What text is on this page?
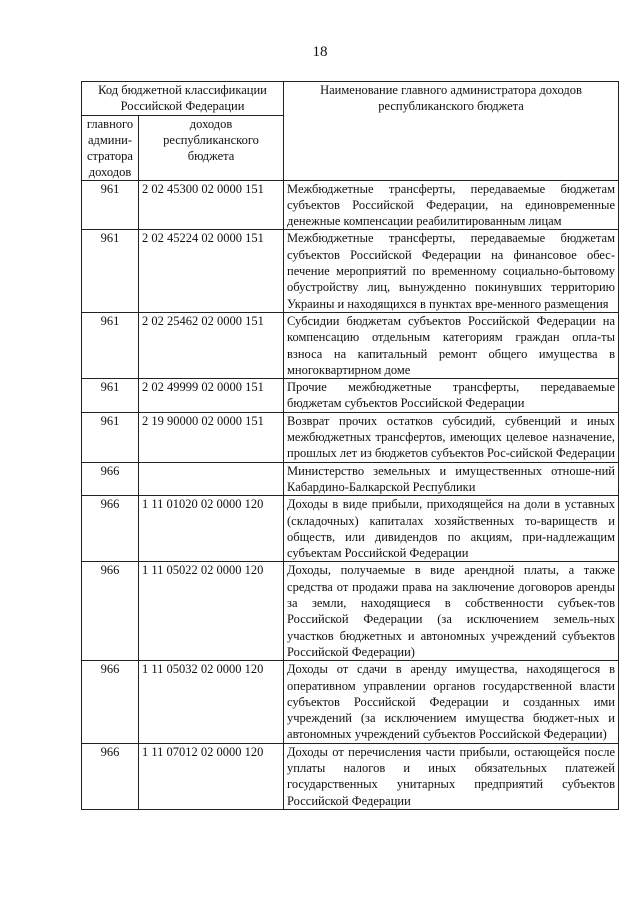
18
Код бюджетной классификации Российской Федерации		Наименование главного администратора доходов республиканского бюджета

главного админи-стратора доходов	доходов республиканского бюджета	
961	2 02 45300 02 0000 151	Межбюджетные трансферты, передаваемые бюджетам субъектов Российской Федерации, на единовременные денежные компенсации реабилитированным лицам
961	2 02 45224 02 0000 151	Межбюджетные трансферты, передаваемые бюджетам субъектов Российской Федерации на финансовое обес-печение мероприятий по временному социально-бытовому обустройству лиц, вынужденно покинувших территорию Украины и находящихся в пунктах вре-менного размещения
961	2 02 25462 02 0000 151	Субсидии бюджетам субъектов Российской Федерации на компенсацию отдельным категориям граждан опла-ты взноса на капитальный ремонт общего имущества в многоквартирном доме
961	2 02 49999 02 0000 151	Прочие межбюджетные трансферты, передаваемые бюджетам субъектов Российской Федерации
961	2 19 90000 02 0000 151	Возврат прочих остатков субсидий, субвенций и иных межбюджетных трансфертов, имеющих целевое назначение, прошлых лет из бюджетов субъектов Рос-сийской Федерации
966		Министерство земельных и имущественных отноше-ний Кабардино-Балкарской Республики
966	1 11 01020 02 0000 120	Доходы в виде прибыли, приходящейся на доли в уставных (складочных) капиталах хозяйственных то-вариществ и обществ, или дивидендов по акциям, при-надлежащим субъектам Российской Федерации
966	1 11 05022 02 0000 120	Доходы, получаемые в виде арендной платы, а также средства от продажи права на заключение договоров аренды за земли, находящиеся в собственности субъек-тов Российской Федерации (за исключением земель-ных участков бюджетных и автономных учреждений субъектов Российской Федерации)
966	1 11 05032 02 0000 120	Доходы от сдачи в аренду имущества, находящегося в оперативном управлении органов государственной власти субъектов Российской Федерации и созданных ими учреждений (за исключением имущества бюджет-ных и автономных учреждений субъектов Российской Федерации)
966	1 11 07012 02 0000 120	Доходы от перечисления части прибыли, остающейся после уплаты налогов и иных обязательных платежей государственных унитарных предприятий субъектов Российской Федерации
